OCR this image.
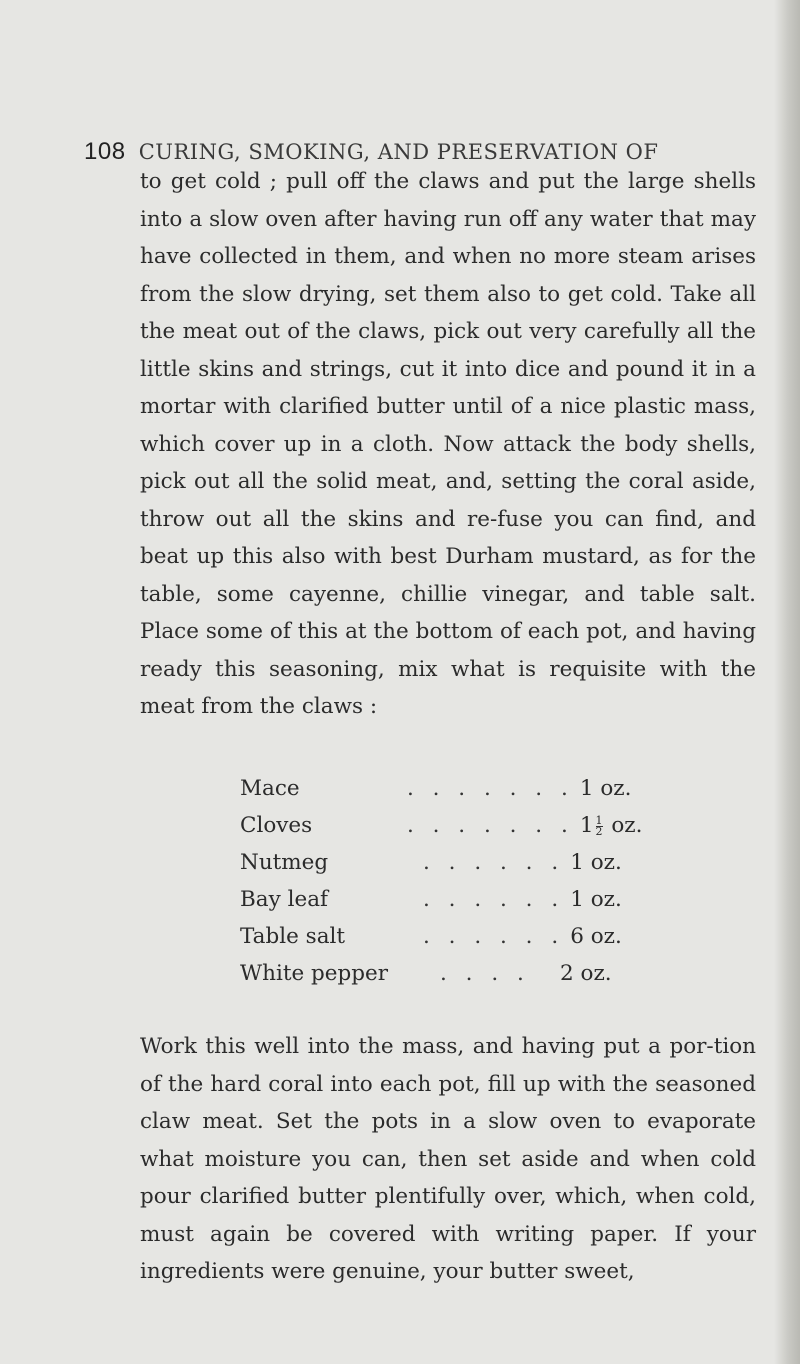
108 CURING, SMOKING, AND PRESERVATION OF

to get cold ; pull off the claws and put the large shells into a slow oven after having run off any water that may have collected in them, and when no more steam arises from the slow drying, set them also to get cold. Take all the meat out of the claws, pick out very carefully all the little skins and strings, cut it into dice and pound it in a mortar with clarified butter until of a nice plastic mass, which cover up in a cloth. Now attack the body shells, pick out all the solid meat, and, setting the coral aside, throw out all the skins and re-fuse you can find, and beat up this also with best Durham mustard, as for the table, some cayenne, chillie vinegar, and table salt. Place some of this at the bottom of each pot, and having ready this seasoning, mix what is requisite with the meat from the claws :

Mace	. . . . . . . 1 oz.
Cloves	. . . . . . . $1 \frac{1}{2}$ oz.
Nutmeg	. . . . . . 1 oz.
Bay leaf	. . . . . . 1 oz.
Table salt	. . . . . . 6 oz.
White pepper	. . . .	2 oz.

Work this well into the mass, and having put a por-tion of the hard coral into each pot, fill up with the seasoned claw meat. Set the pots in a slow oven to evaporate what moisture you can, then set aside and when cold pour clarified butter plentifully over, which, when cold, must again be covered with writing paper. If your ingredients were genuine, your butter sweet,
